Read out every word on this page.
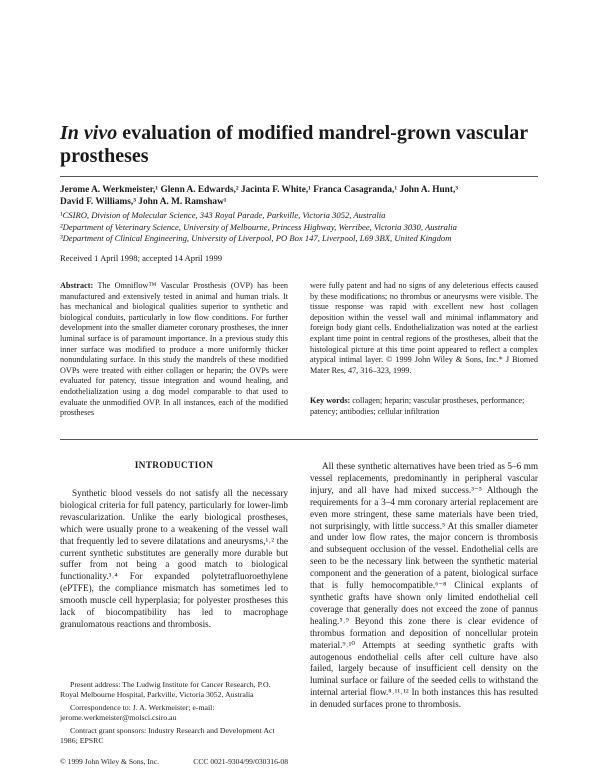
In vivo evaluation of modified mandrel-grown vascular prostheses
Jerome A. Werkmeister,¹ Glenn A. Edwards,² Jacinta F. White,¹ Franca Casagranda,¹ John A. Hunt,³
David F. Williams,³ John A. M. Ramshaw¹
¹CSIRO, Division of Molecular Science, 343 Royal Parade, Parkville, Victoria 3052, Australia
²Department of Veterinary Science, University of Melbourne, Princess Highway, Werribee, Victoria 3030, Australia
³Department of Clinical Engineering, University of Liverpool, PO Box 147, Liverpool, L69 3BX, United Kingdom
Received 1 April 1998; accepted 14 April 1999
Abstract: The Omniflow™ Vascular Prosthesis (OVP) has been manufactured and extensively tested in animal and human trials. It has mechanical and biological qualities superior to synthetic and biological conduits, particularly in low flow conditions. For further development into the smaller diameter coronary prostheses, the inner luminal surface is of paramount importance. In a previous study this inner surface was modified to produce a more uniformly thicker nonundulating surface. In this study the mandrels of these modified OVPs were treated with either collagen or heparin; the OVPs were evaluated for patency, tissue integration and wound healing, and endothelialization using a dog model comparable to that used to evaluate the unmodified OVP. In all instances, each of the modified prostheses
were fully patent and had no signs of any deleterious effects caused by these modifications; no thrombus or aneurysms were visible. The tissue response was rapid with excellent new host collagen deposition within the vessel wall and minimal inflammatory and foreign body giant cells. Endothelialization was noted at the earliest explant time point in central regions of the prostheses, albeit that the histological picture at this time point appeared to reflect a complex atypical intimal layer. © 1999 John Wiley & Sons, Inc.* J Biomed Mater Res, 47, 316–323, 1999.
Key words: collagen; heparin; vascular prostheses, performance; patency; antibodies; cellular infiltration
INTRODUCTION

Synthetic blood vessels do not satisfy all the necessary biological criteria for full patency, particularly for lower-limb revascularization. Unlike the early biological prostheses, which were usually prone to a weakening of the vessel wall that frequently led to severe dilatations and aneurysms,¹˒² the current synthetic substitutes are generally more durable but suffer from not being a good match to biological functionality.³˒⁴ For expanded polytetrafluoroethylene (ePTFE), the compliance mismatch has sometimes led to smooth muscle cell hyperplasia; for polyester prostheses this lack of biocompatibility has led to macrophage granulomatous reactions and thrombosis.

All these synthetic alternatives have been tried as 5–6 mm vessel replacements, predominantly in peripheral vascular injury, and all have had mixed success.³⁻⁵ Although the requirements for a 3–4 mm coronary arterial replacement are even more stringent, these same materials have been tried, not surprisingly, with little success.⁵ At this smaller diameter and under low flow rates, the major concern is thrombosis and subsequent occlusion of the vessel. Endothelial cells are seen to be the necessary link between the synthetic material component and the generation of a patent, biological surface that is fully hemocompatible.⁶⁻⁸ Clinical explants of synthetic grafts have shown only limited endothelial cell coverage that generally does not exceed the zone of pannus healing.⁵˒⁹ Beyond this zone there is clear evidence of thrombus formation and deposition of noncellular protein material.⁹˒¹⁰ Attempts at seeding synthetic grafts with autogenous endothelial cells after cell culture have also failed, largely because of insufficient cell density on the luminal surface or failure of the seeded cells to withstand the internal arterial flow.⁸˒¹¹˒¹² In both instances this has resulted in denuded surfaces prone to thrombosis.

Present address: The Ludwig Institute for Cancer Research, P.O. Royal Melbourne Hospital, Parkville, Victoria 3052, Australia

Correspondence to: J. A. Werkmeister; e-mail: jerome.werkmeister@molsci.csiro.au

Contract grant sponsors: Industry Research and Development Act 1986; EPSRC

© 1999 John Wiley & Sons, Inc.	CCC 0021-9304/99/030316-08
